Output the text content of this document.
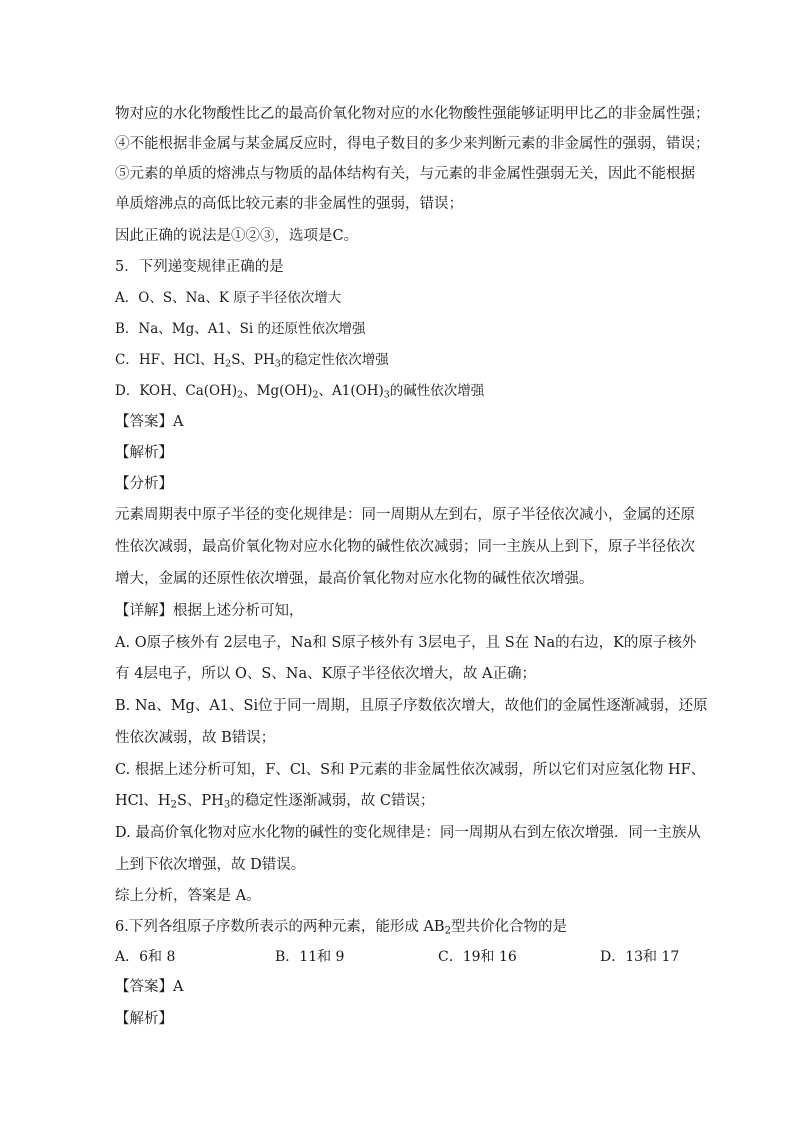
物对应的水化物酸性比乙的最高价氧化物对应的水化物酸性强能够证明甲比乙的非金属性强；
④不能根据非金属与某金属反应时，得电子数目的多少来判断元素的非金属性的强弱，错误；
⑤元素的单质的熔沸点与物质的晶体结构有关，与元素的非金属性强弱无关，因此不能根据
单质熔沸点的高低比较元素的非金属性的强弱，错误；
因此正确的说法是①②③，选项是C。
5．下列递变规律正确的是
A．O、S、Na、K 原子半径依次增大
B．Na、Mg、A1、Si 的还原性依次增强
C．HF、HCl、$H_2S$、$PH_3$的稳定性依次增强
D．KOH、$Ca(OH)_2$、$Mg(OH)_2$、$A1(OH)_3$的碱性依次增强
【答案】A
【解析】
【分析】
元素周期表中原子半径的变化规律是：同一周期从左到右，原子半径依次减小，金属的还原
性依次减弱，最高价氧化物对应水化物的碱性依次减弱；同一主族从上到下，原子半径依次
增大，金属的还原性依次增强，最高价氧化物对应水化物的碱性依次增强。
【详解】根据上述分析可知，
A. O原子核外有 2层电子，Na和 S原子核外有 3层电子，且 S在 Na的右边，K的原子核外
有 4层电子，所以 O、S、Na、K原子半径依次增大，故 A正确；
B. Na、Mg、A1、Si位于同一周期，且原子序数依次增大，故他们的金属性逐渐减弱，还原
性依次减弱，故 B错误；
C. 根据上述分析可知，F、Cl、S和 P元素的非金属性依次减弱，所以它们对应氢化物 HF、
HCl、$H_2S$、$PH_3$的稳定性逐渐减弱，故 C错误；
D. 最高价氧化物对应水化物的碱性的变化规律是：同一周期从右到左依次增强．同一主族从
上到下依次增强，故 D错误。
综上分析，答案是 A。
6.下列各组原子序数所表示的两种元素，能形成 $AB_2$型共价化合物的是
A．6和 8	B．11和 9	C．19和 16	D．13和 17
【答案】A
【解析】
